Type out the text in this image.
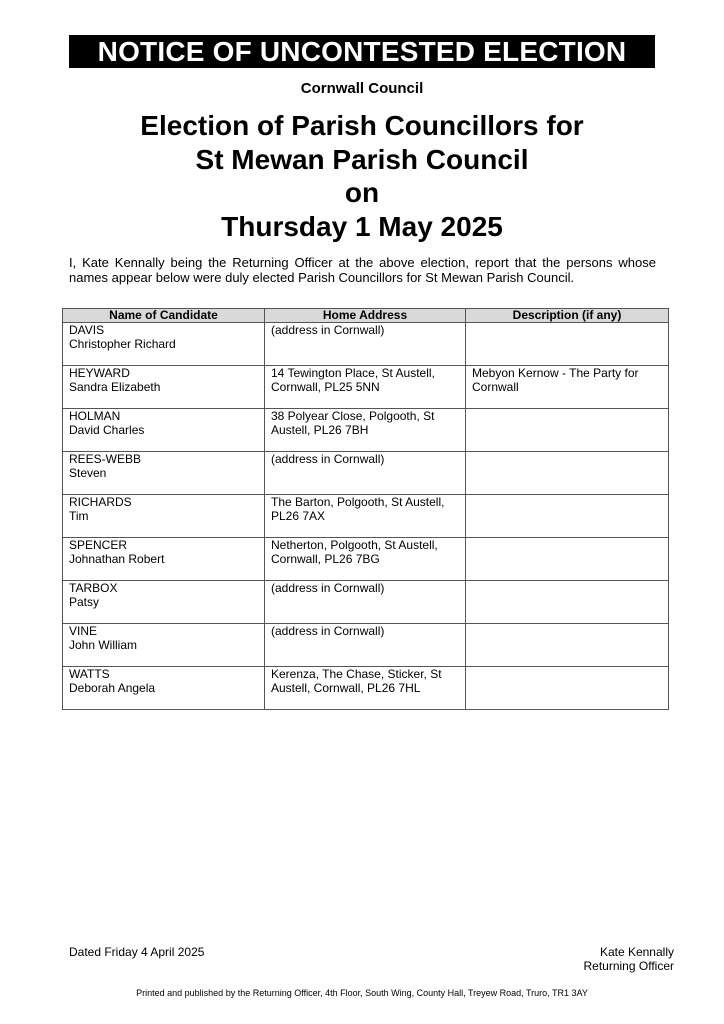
NOTICE OF UNCONTESTED ELECTION
Cornwall Council
Election of Parish Councillors for
St Mewan Parish Council
on
Thursday 1 May 2025
I, Kate Kennally being the Returning Officer at the above election, report that the persons whose names appear below were duly elected Parish Councillors for St Mewan Parish Council.
Name of Candidate	Home Address	Description (if any)

DAVIS
Christopher Richard	(address in Cornwall)	

HEYWARD
Sandra Elizabeth	14 Tewington Place, St Austell, Cornwall, PL25 5NN	Mebyon Kernow - The Party for Cornwall

HOLMAN
David Charles	38 Polyear Close, Polgooth, St Austell, PL26 7BH	

REES-WEBB
Steven	(address in Cornwall)	

RICHARDS
Tim	The Barton, Polgooth, St Austell, PL26 7AX	

SPENCER
Johnathan Robert	Netherton, Polgooth, St Austell, Cornwall, PL26 7BG	

TARBOX
Patsy	(address in Cornwall)	

VINE
John William	(address in Cornwall)	

WATTS
Deborah Angela	Kerenza, The Chase, Sticker, St Austell, Cornwall, PL26 7HL	
Dated Friday 4 April 2025	Kate Kennally
Returning Officer
Printed and published by the Returning Officer, 4th Floor, South Wing, County Hall, Treyew Road, Truro, TR1 3AY
